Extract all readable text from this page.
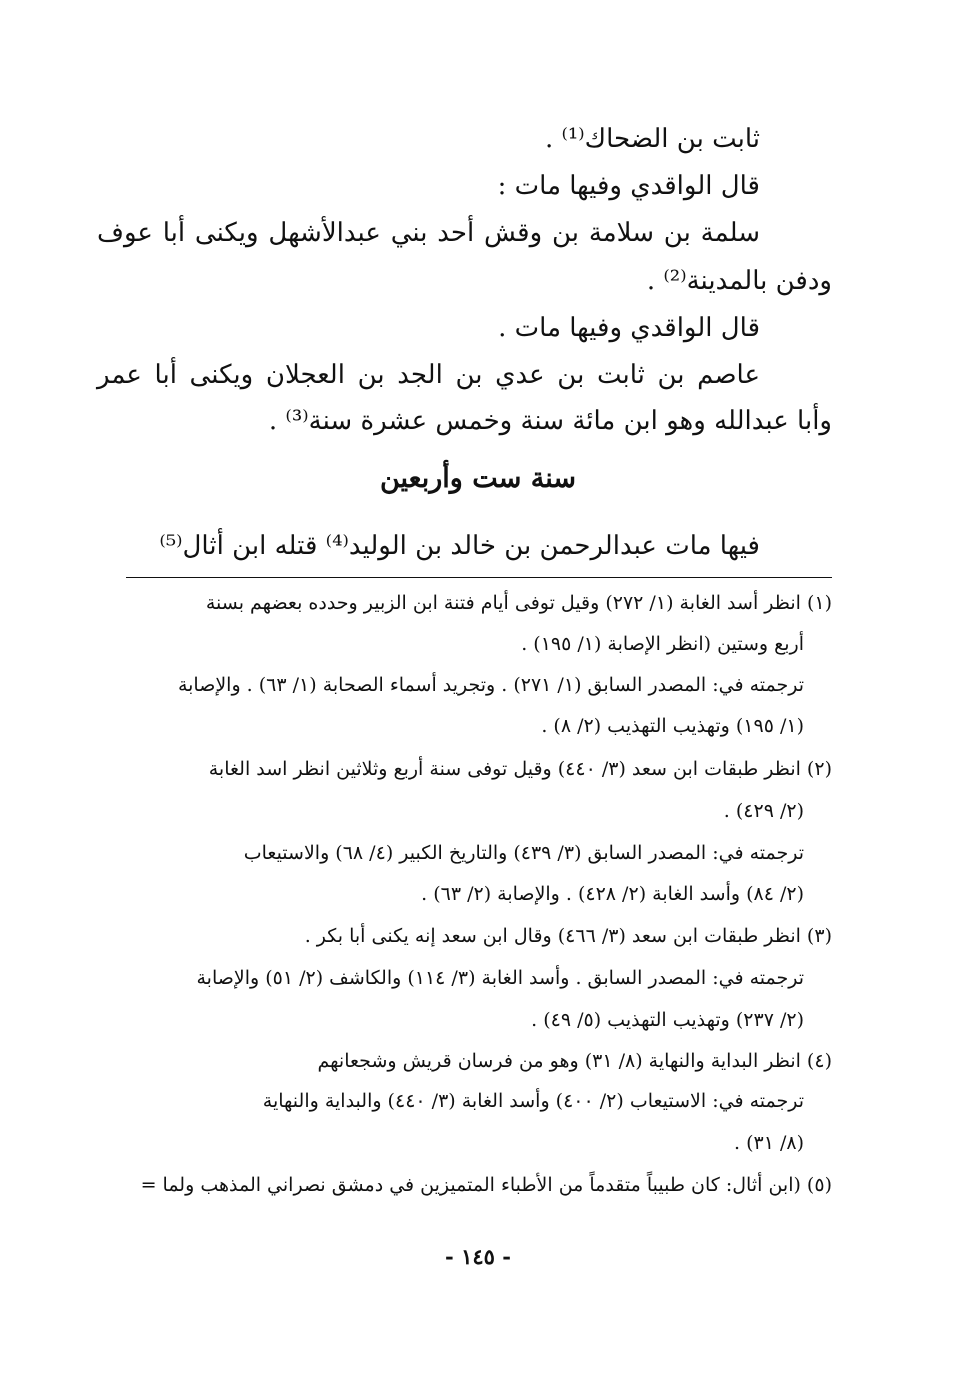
ثابت بن الضحاك⁽¹⁾ .
قال الواقدي وفيها مات :
سلمة بن سلامة بن وقش أحد بني عبدالأشهل ويكنى أبا عوف
ودفن بالمدينة⁽²⁾ .
قال الواقدي وفيها مات .
عاصم بن ثابت بن عدي بن الجد بن العجلان ويكنى أبا عمر
وأبا عبدالله وهو ابن مائة سنة وخمس عشرة سنة⁽³⁾ .
سنة ست وأربعين
فيها مات عبدالرحمن بن خالد بن الوليد⁽⁴⁾ قتله ابن أثال⁽⁵⁾
(١) انظر أسد الغابة (١/ ٢٧٢) وقيل توفى أيام فتنة ابن الزبير وحدده بعضهم بسنة
أربع وستين (انظر الإصابة (١/ ١٩٥) .
ترجمته في: المصدر السابق (١/ ٢٧١) . وتجريد أسماء الصحابة (١/ ٦٣) . والإصابة
(١/ ١٩٥) وتهذيب التهذيب (٢/ ٨) .
(٢) انظر طبقات ابن سعد (٣/ ٤٤٠) وقيل توفى سنة أربع وثلاثين انظر اسد الغابة
(٢/ ٤٢٩) .
ترجمته في: المصدر السابق (٣/ ٤٣٩) والتاريخ الكبير (٤/ ٦٨) والاستيعاب
(٢/ ٨٤) وأسد الغابة (٢/ ٤٢٨) . والإصابة (٢/ ٦٣) .
(٣) انظر طبقات ابن سعد (٣/ ٤٦٦) وقال ابن سعد إنه يكنى أبا بكر .
ترجمته في: المصدر السابق . وأسد الغابة (٣/ ١١٤) والكاشف (٢/ ٥١) والإصابة
(٢/ ٢٣٧) وتهذيب التهذيب (٥/ ٤٩) .
(٤) انظر البداية والنهاية (٨/ ٣١) وهو من فرسان قريش وشجعانهم
ترجمته في: الاستيعاب (٢/ ٤٠٠) وأسد الغابة (٣/ ٤٤٠) والبداية والنهاية
(٨/ ٣١) .
(٥) (ابن أثال: كان طبيباً متقدماً من الأطباء المتميزين في دمشق نصراني المذهب ولما =
- ١٤٥ -
